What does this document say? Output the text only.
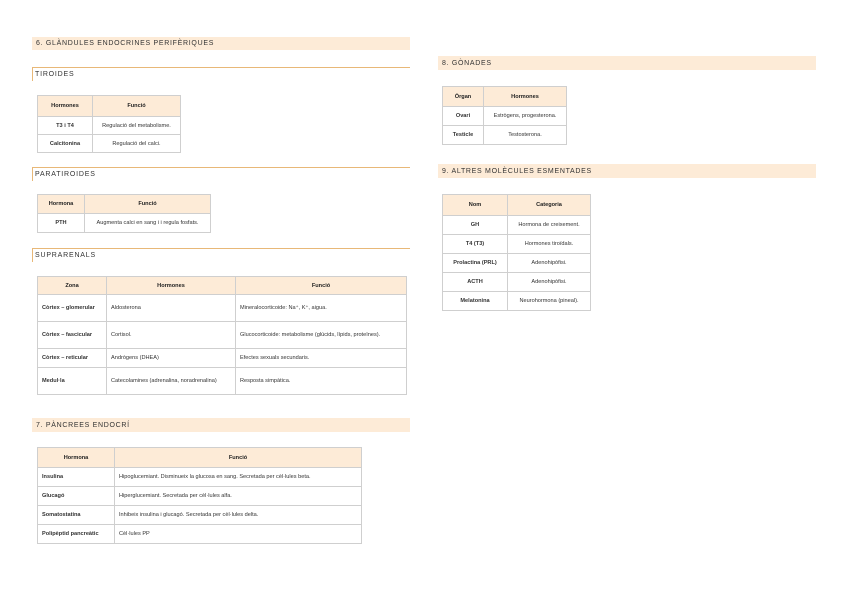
6. GLÀNDULES ENDOCRINES PERIFÈRIQUES
TIROIDES
Hormones	Funció
T3 i T4	Regulació del metabolisme.
Calcitonina	Regulació del calci.
PARATIROIDES
Hormona	Funció
PTH	Augmenta calci en sang i i regula fosfats.
SUPRARENALS
Zona	Hormones	Funció
Còrtex – glomerular	Aldosterona	Mineralocorticoide: Na⁺, K⁺, aigua.
Còrtex – fascicular	Cortisol.	Glucocorticoide: metabolisme (glúcids, lípids, proteïnes).
Còrtex – reticular	Andrògens (DHEA)	Efectes sexuals secundaris.
Medul·la	Catecolamines (adrenalina, noradrenalina)	Resposta simpàtica.
7. PÀNCREES ENDOCRÍ
Hormona	Funció
Insulina	Hipoglucemiant. Disminueix la glucosa en sang. Secretada per cèl·lules beta.
Glucagó	Hiperglucemiant. Secretada per cèl·lules alfa.
Somatostatina	Inhibeix insulina i glucagó. Secretada per cèl·lules delta.
Polipèptid pancreàtic	Cèl·lules PP
8. GÒNADES
Òrgan	Hormones
Ovari	Estrògens, progesterona.
Testicle	Testosterona.
9. ALTRES MOLÈCULES ESMENTADES
Nom	Categoria
GH	Hormona de creixement.
T4 (T3)	Hormones tiroïdals.
Prolactina (PRL)	Adenohipòfisi.
ACTH	Adenohipòfisi.
Melatonina	Neurohormona (pineal).
